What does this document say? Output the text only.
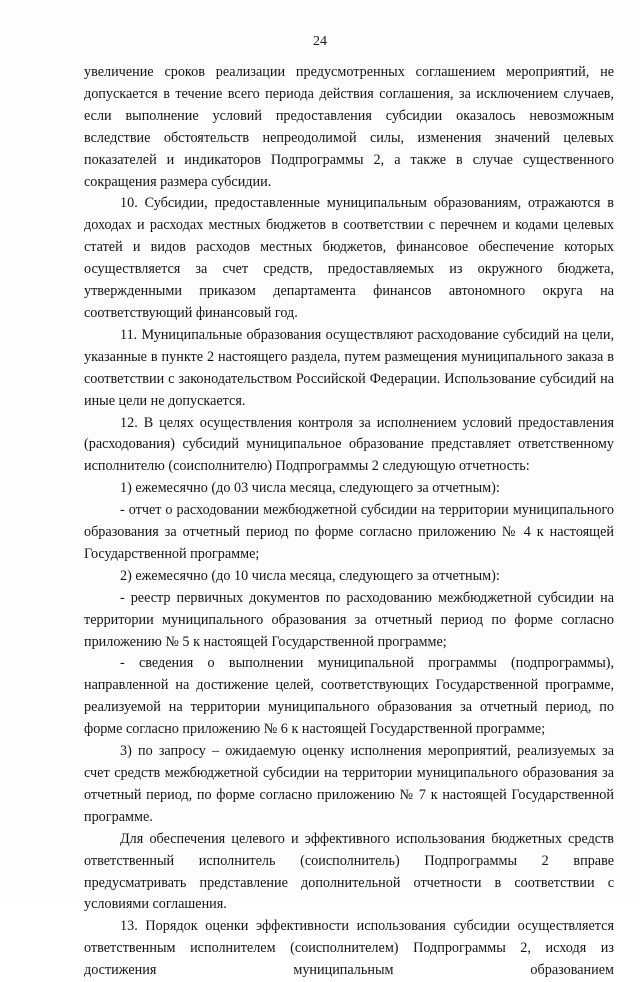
24

увеличение сроков реализации предусмотренных соглашением мероприятий, не допускается в течение всего периода действия соглашения, за исключением случаев, если выполнение условий предоставления субсидии оказалось невозможным вследствие обстоятельств непреодолимой силы, изменения значений целевых показателей и индикаторов Подпрограммы 2, а также в случае существенного сокращения размера субсидии.

10. Субсидии, предоставленные муниципальным образованиям, отражаются в доходах и расходах местных бюджетов в соответствии с перечнем и кодами целевых статей и видов расходов местных бюджетов, финансовое обеспечение которых осуществляется за счет средств, предоставляемых из окружного бюджета, утвержденными приказом департамента финансов автономного округа на соответствующий финансовый год.

11. Муниципальные образования осуществляют расходование субсидий на цели, указанные в пункте 2 настоящего раздела, путем размещения муниципального заказа в соответствии с законодательством Российской Федерации. Использование субсидий на иные цели не допускается.

12. В целях осуществления контроля за исполнением условий предоставления (расходования) субсидий муниципальное образование представляет ответственному исполнителю (соисполнителю) Подпрограммы 2 следующую отчетность:

1) ежемесячно (до 03 числа месяца, следующего за отчетным):

- отчет о расходовании межбюджетной субсидии на территории муниципального образования за отчетный период по форме согласно приложению № 4 к настоящей Государственной программе;

2) ежемесячно (до 10 числа месяца, следующего за отчетным):

- реестр первичных документов по расходованию межбюджетной субсидии на территории муниципального образования за отчетный период по форме согласно приложению № 5 к настоящей Государственной программе;

- сведения о выполнении муниципальной программы (подпрограммы), направленной на достижение целей, соответствующих Государственной программе, реализуемой на территории муниципального образования за отчетный период, по форме согласно приложению № 6 к настоящей Государственной программе;

3) по запросу – ожидаемую оценку исполнения мероприятий, реализуемых за счет средств межбюджетной субсидии на территории муниципального образования за отчетный период, по форме согласно приложению № 7 к настоящей Государственной программе.

Для обеспечения целевого и эффективного использования бюджетных средств ответственный исполнитель (соисполнитель) Подпрограммы 2 вправе предусматривать представление дополнительной отчетности в соответствии с условиями соглашения.

13. Порядок оценки эффективности использования субсидии осуществляется ответственным исполнителем (соисполнителем) Подпрограммы 2, исходя из достижения муниципальным образованием
